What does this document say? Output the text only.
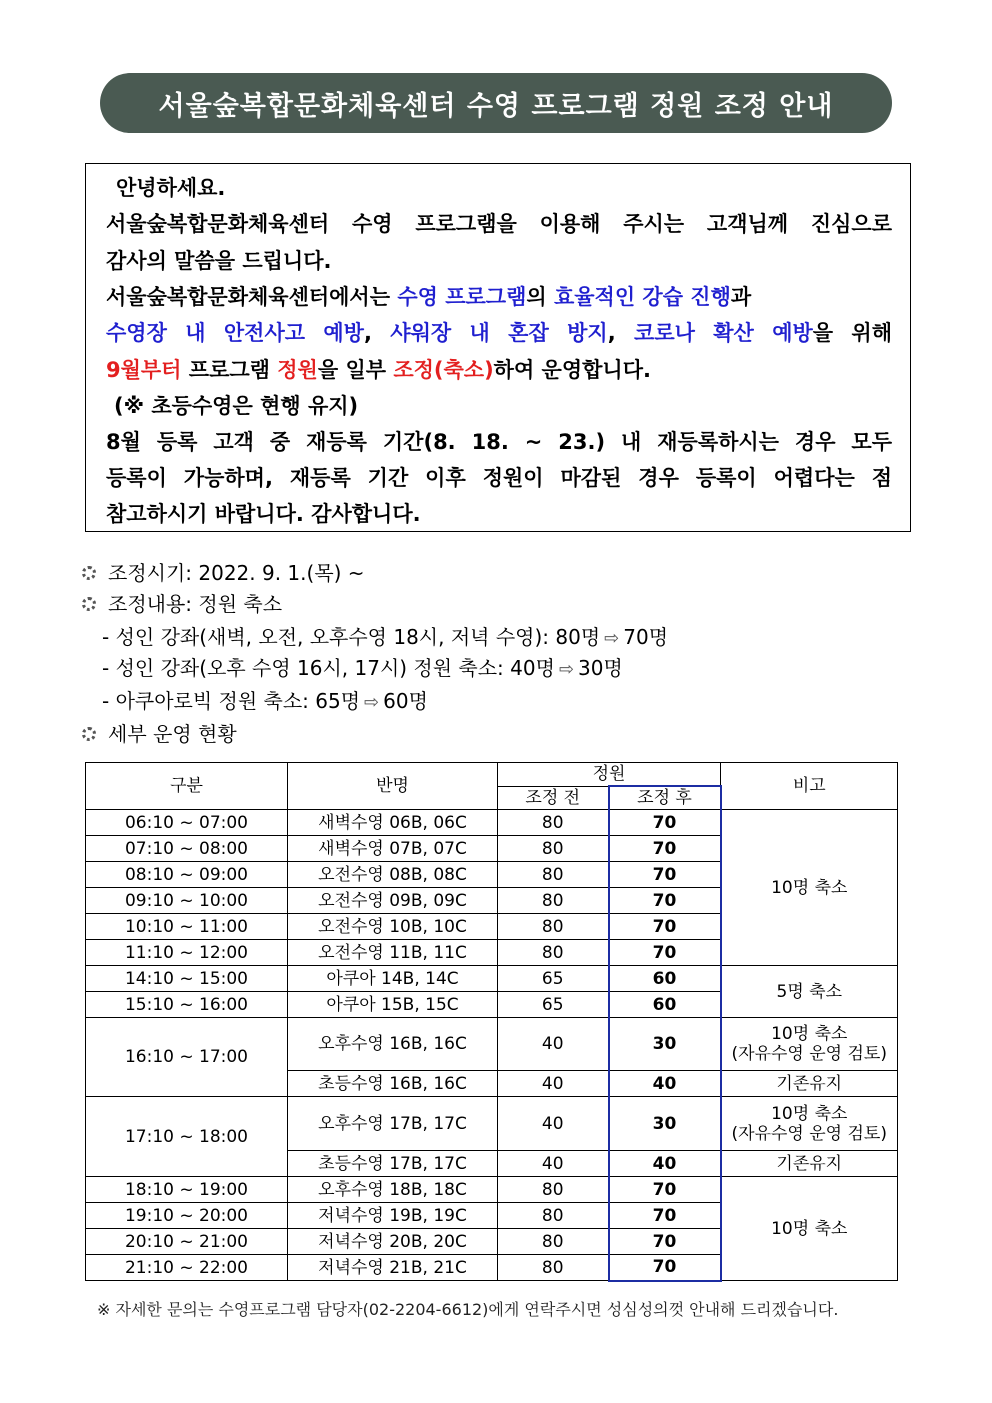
서울숲복합문화체육센터 수영 프로그램 정원 조정 안내
안녕하세요.
서울숲복합문화체육센터 수영 프로그램을 이용해 주시는 고객님께 진심으로
감사의 말씀을 드립니다.
서울숲복합문화체육센터에서는 수영 프로그램의 효율적인 강습 진행과
수영장 내 안전사고 예방, 샤워장 내 혼잡 방지, 코로나 확산 예방을 위해
9월부터 프로그램 정원을 일부 조정(축소)하여 운영합니다.
(※ 초등수영은 현행 유지)
8월 등록 고객 중 재등록 기간(8. 18. ~ 23.) 내 재등록하시는 경우 모두
등록이 가능하며, 재등록 기간 이후 정원이 마감된 경우 등록이 어렵다는 점
참고하시기 바랍니다. 감사합니다.
조정시기: 2022. 9. 1.(목) ~
조정내용: 정원 축소
- 성인 강좌(새벽, 오전, 오후수영 18시, 저녁 수영): 80명 ⇨ 70명
- 성인 강좌(오후 수영 16시, 17시) 정원 축소: 40명 ⇨ 30명
- 아쿠아로빅 정원 축소: 65명 ⇨ 60명
세부 운영 현황
구분	반명	정원		비고
		조정 전	조정 후	
06:10 ~ 07:00	새벽수영 06B, 06C	80	70	10명 축소
07:10 ~ 08:00	새벽수영 07B, 07C	80	70	
08:10 ~ 09:00	오전수영 08B, 08C	80	70	
09:10 ~ 10:00	오전수영 09B, 09C	80	70	
10:10 ~ 11:00	오전수영 10B, 10C	80	70	
11:10 ~ 12:00	오전수영 11B, 11C	80	70	
14:10 ~ 15:00	아쿠아 14B, 14C	65	60	5명 축소
15:10 ~ 16:00	아쿠아 15B, 15C	65	60	
16:10 ~ 17:00	오후수영 16B, 16C	40	30	10명 축소
(자유수영 운영 검토)

	초등수영 16B, 16C	40	40	기존유지
17:10 ~ 18:00	오후수영 17B, 17C	40	30	10명 축소
(자유수영 운영 검토)

	초등수영 17B, 17C	40	40	기존유지
18:10 ~ 19:00	오후수영 18B, 18C	80	70	10명 축소
19:10 ~ 20:00	저녁수영 19B, 19C	80	70	
20:10 ~ 21:00	저녁수영 20B, 20C	80	70	
21:10 ~ 22:00	저녁수영 21B, 21C	80	70	
※ 자세한 문의는 수영프로그램 담당자(02-2204-6612)에게 연락주시면 성심성의껏 안내해 드리겠습니다.
